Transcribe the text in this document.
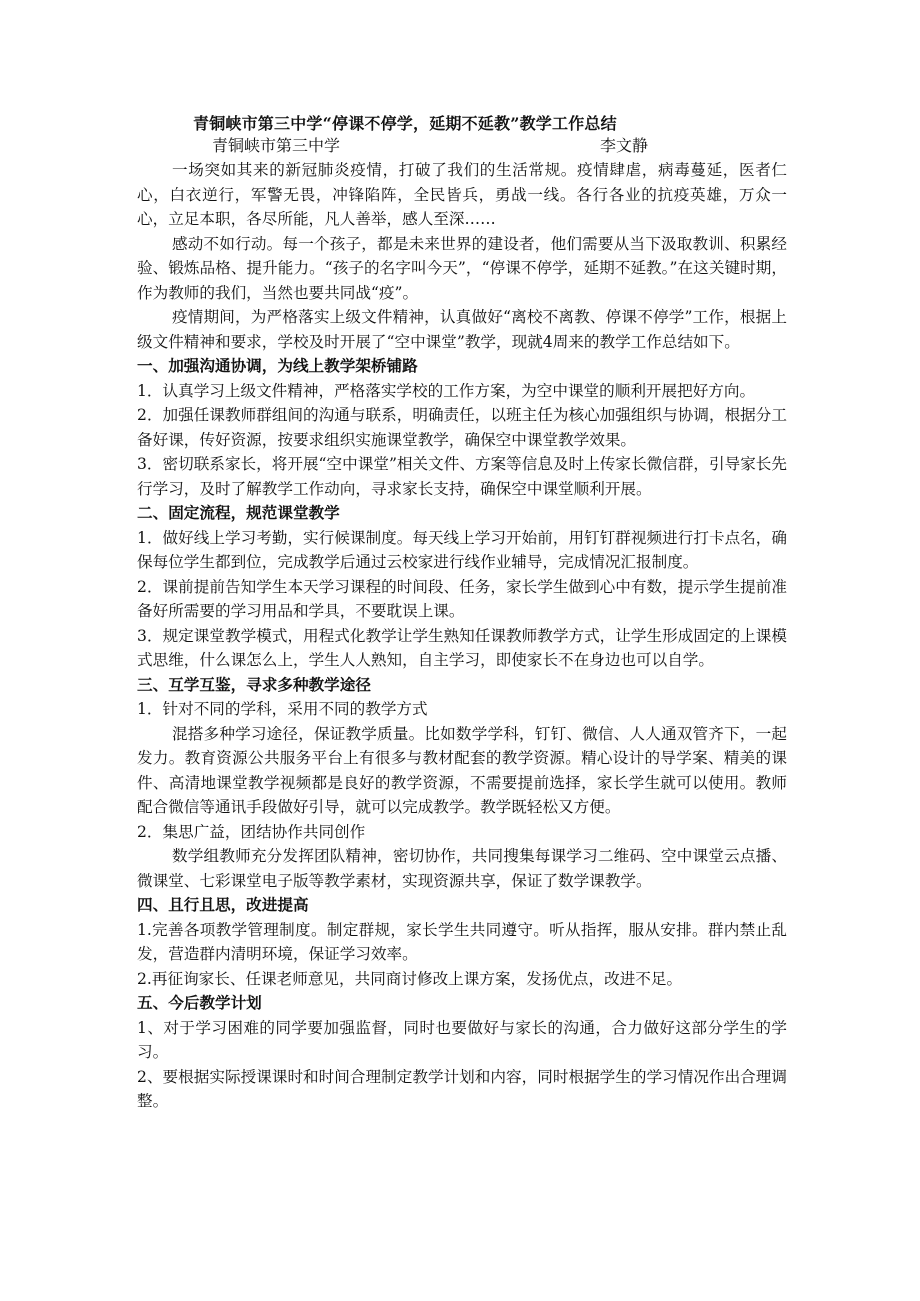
青铜峡市第三中学“停课不停学，延期不延教”教学工作总结
青铜峡市第三中学	李文静

一场突如其来的新冠肺炎疫情，打破了我们的生活常规。疫情肆虐，病毒蔓延，医者仁心，白衣逆行，军警无畏，冲锋陷阵，全民皆兵，勇战一线。各行各业的抗疫英雄，万众一心，立足本职，各尽所能，凡人善举，感人至深……

感动不如行动。每一个孩子，都是未来世界的建设者，他们需要从当下汲取教训、积累经验、锻炼品格、提升能力。“孩子的名字叫今天”，“停课不停学，延期不延教。”在这关键时期，作为教师的我们，当然也要共同战“疫”。

疫情期间，为严格落实上级文件精神，认真做好“离校不离教、停课不停学”工作，根据上级文件精神和要求，学校及时开展了“空中课堂”教学，现就4周来的教学工作总结如下。

一、加强沟通协调，为线上教学架桥铺路

1．认真学习上级文件精神，严格落实学校的工作方案，为空中课堂的顺利开展把好方向。

2．加强任课教师群组间的沟通与联系，明确责任，以班主任为核心加强组织与协调，根据分工备好课，传好资源，按要求组织实施课堂教学，确保空中课堂教学效果。

3．密切联系家长，将开展“空中课堂”相关文件、方案等信息及时上传家长微信群，引导家长先行学习，及时了解教学工作动向，寻求家长支持，确保空中课堂顺利开展。

二、固定流程，规范课堂教学

1．做好线上学习考勤，实行候课制度。每天线上学习开始前，用钉钉群视频进行打卡点名，确保每位学生都到位，完成教学后通过云校家进行线作业辅导，完成情况汇报制度。

2．课前提前告知学生本天学习课程的时间段、任务，家长学生做到心中有数，提示学生提前准备好所需要的学习用品和学具，不要耽误上课。

3．规定课堂教学模式，用程式化教学让学生熟知任课教师教学方式，让学生形成固定的上课模式思维，什么课怎么上，学生人人熟知，自主学习，即使家长不在身边也可以自学。

三、互学互鉴，寻求多种教学途径

1．针对不同的学科，采用不同的教学方式

混搭多种学习途径，保证教学质量。比如数学学科，钉钉、微信、人人通双管齐下，一起发力。教育资源公共服务平台上有很多与教材配套的教学资源。精心设计的导学案、精美的课件、高清地课堂教学视频都是良好的教学资源，不需要提前选择，家长学生就可以使用。教师配合微信等通讯手段做好引导，就可以完成教学。教学既轻松又方便。

2．集思广益，团结协作共同创作

数学组教师充分发挥团队精神，密切协作，共同搜集每课学习二维码、空中课堂云点播、微课堂、七彩课堂电子版等教学素材，实现资源共享，保证了数学课教学。

四、且行且思，改进提高

1.完善各项教学管理制度。制定群规，家长学生共同遵守。听从指挥，服从安排。群内禁止乱发，营造群内清明环境，保证学习效率。

2.再征询家长、任课老师意见，共同商讨修改上课方案，发扬优点，改进不足。

五、今后教学计划

1、对于学习困难的同学要加强监督，同时也要做好与家长的沟通，合力做好这部分学生的学习。

2、要根据实际授课课时和时间合理制定教学计划和内容，同时根据学生的学习情况作出合理调整。
